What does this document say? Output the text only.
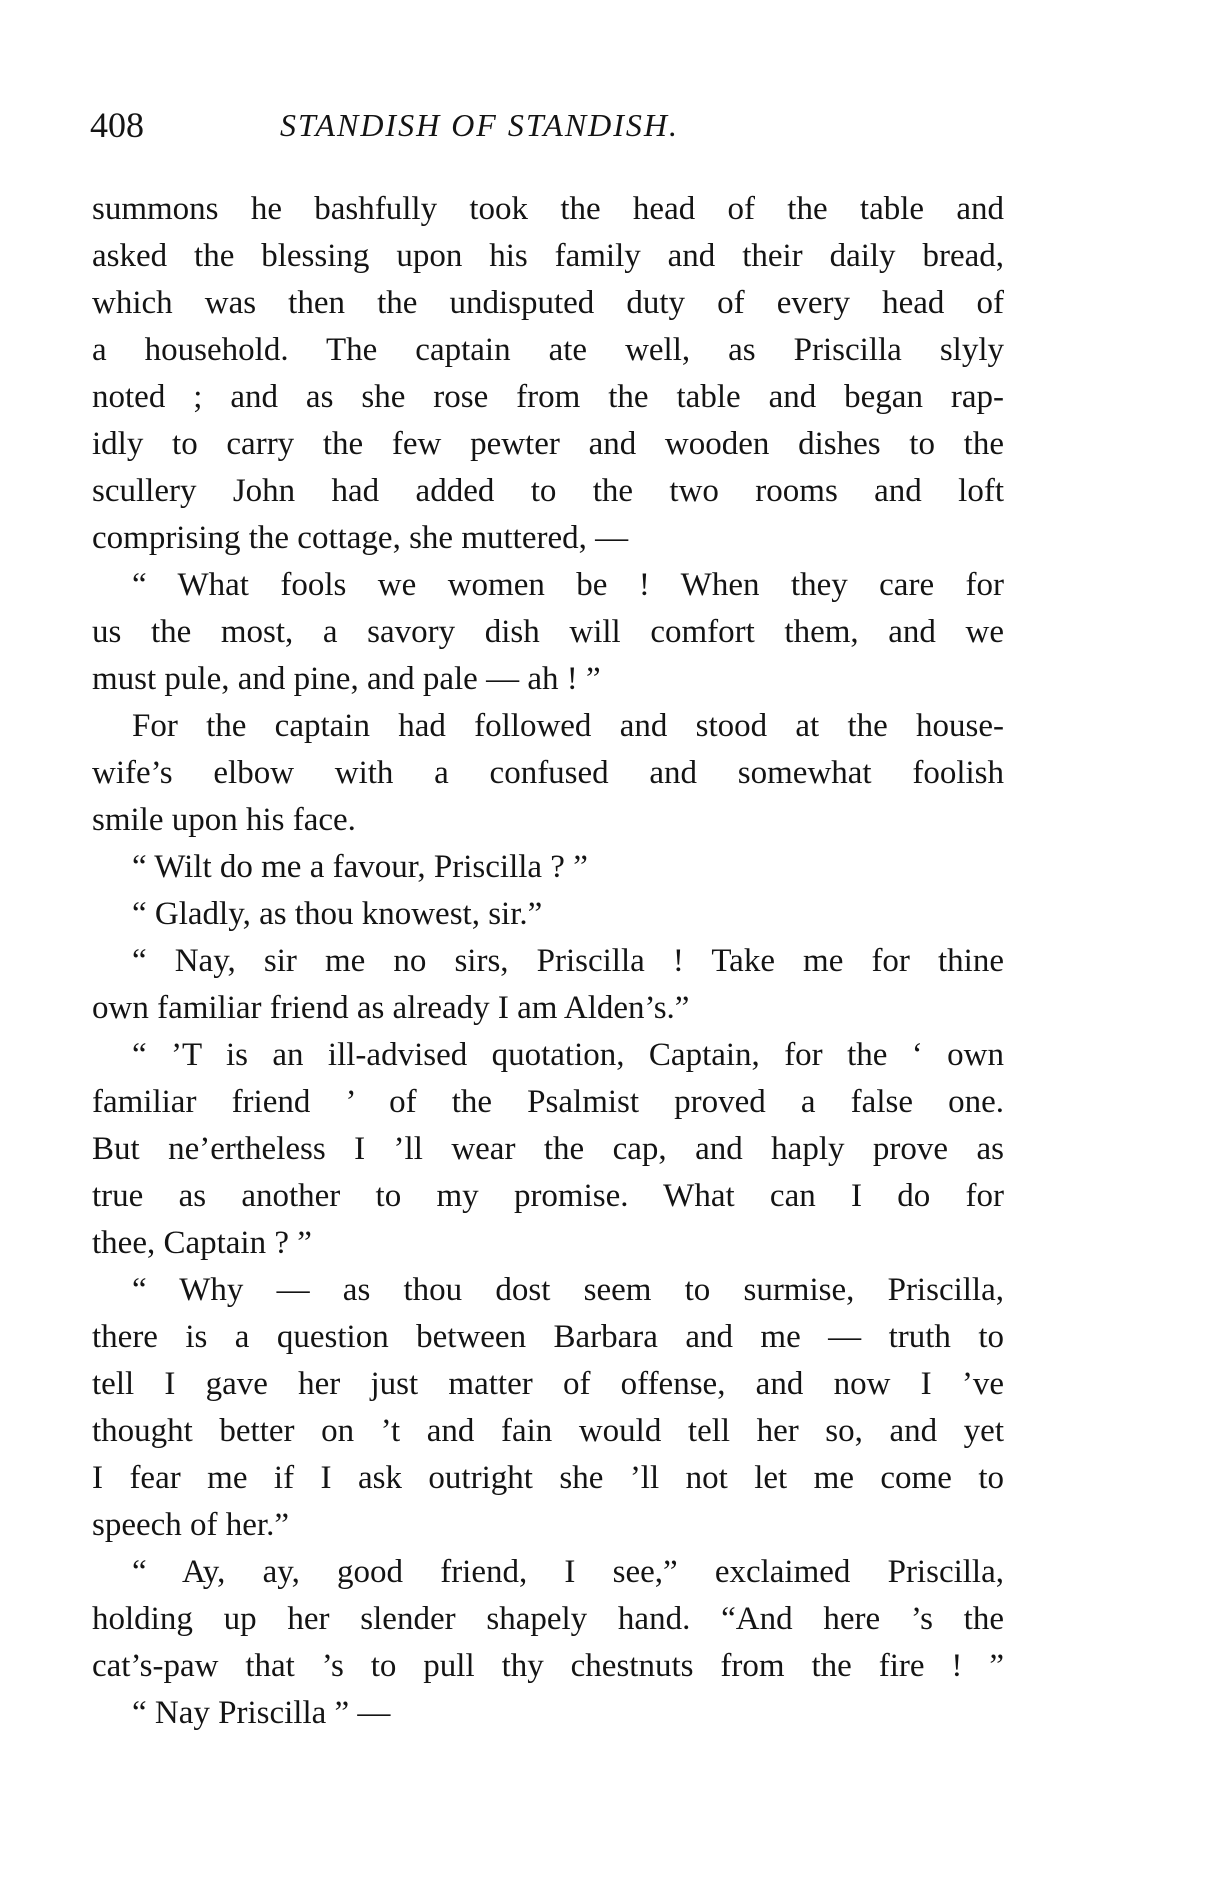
408	STANDISH OF STANDISH.
summons he bashfully took the head of the table and
asked the blessing upon his family and their daily bread,
which was then the undisputed duty of every head of
a household. The captain ate well, as Priscilla slyly
noted ; and as she rose from the table and began rap-
idly to carry the few pewter and wooden dishes to the
scullery John had added to the two rooms and loft
comprising the cottage, she muttered, —
“ What fools we women be ! When they care for
us the most, a savory dish will comfort them, and we
must pule, and pine, and pale — ah ! ”
For the captain had followed and stood at the house-
wife’s elbow with a confused and somewhat foolish
smile upon his face.
“ Wilt do me a favour, Priscilla ? ”
“ Gladly, as thou knowest, sir.”
“ Nay, sir me no sirs, Priscilla ! Take me for thine
own familiar friend as already I am Alden’s.”
“ ’T is an ill-advised quotation, Captain, for the ‘ own
familiar friend ’ of the Psalmist proved a false one.
But ne’ertheless I ’ll wear the cap, and haply prove as
true as another to my promise. What can I do for
thee, Captain ? ”
“ Why — as thou dost seem to surmise, Priscilla,
there is a question between Barbara and me — truth to
tell I gave her just matter of offense, and now I ’ve
thought better on ’t and fain would tell her so, and yet
I fear me if I ask outright she ’ll not let me come to
speech of her.”
“ Ay, ay, good friend, I see,” exclaimed Priscilla,
holding up her slender shapely hand. “And here ’s the
cat’s-paw that ’s to pull thy chestnuts from the fire ! ”
“ Nay Priscilla ” —
